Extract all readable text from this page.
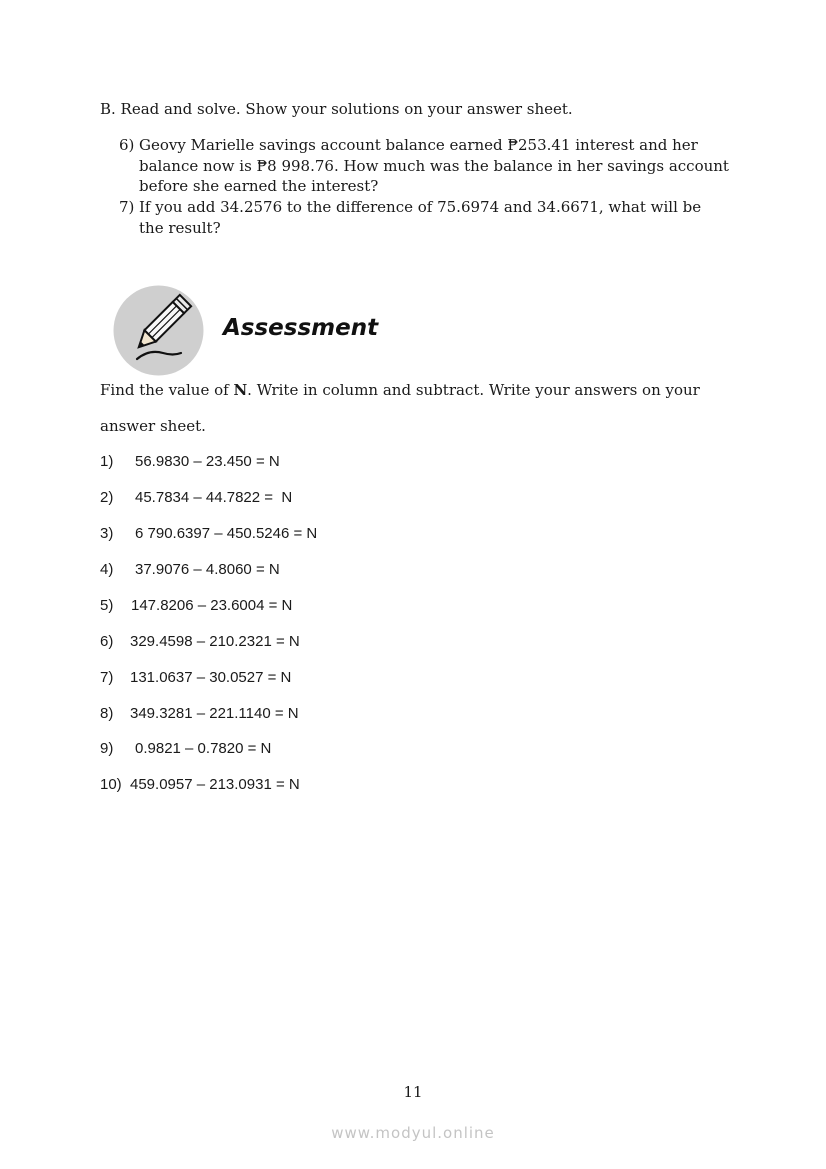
B. Read and solve. Show your solutions on your answer sheet.
6) Geovy Marielle savings account balance earned ₱253.41 interest and her balance now is ₱8 998.76. How much was the balance in her savings account before she earned the interest?
7) If you add 34.2576 to the difference of 75.6974 and 34.6671, what will be the result?
Assessment
Find the value of N. Write in column and subtract. Write your answers on your
answer sheet.
1) 56.9830 – 23.450 = N
2) 45.7834 – 44.7822 =  N
3) 6 790.6397 – 450.5246 = N
4) 37.9076 – 4.8060 = N
5) 147.8206 – 23.6004 = N
6) 329.4598 – 210.2321 = N
7) 131.0637 – 30.0527 = N
8) 349.3281 – 221.1140 = N
9) 0.9821 – 0.7820 = N
10) 459.0957 – 213.0931 = N
11
www.modyul.online
